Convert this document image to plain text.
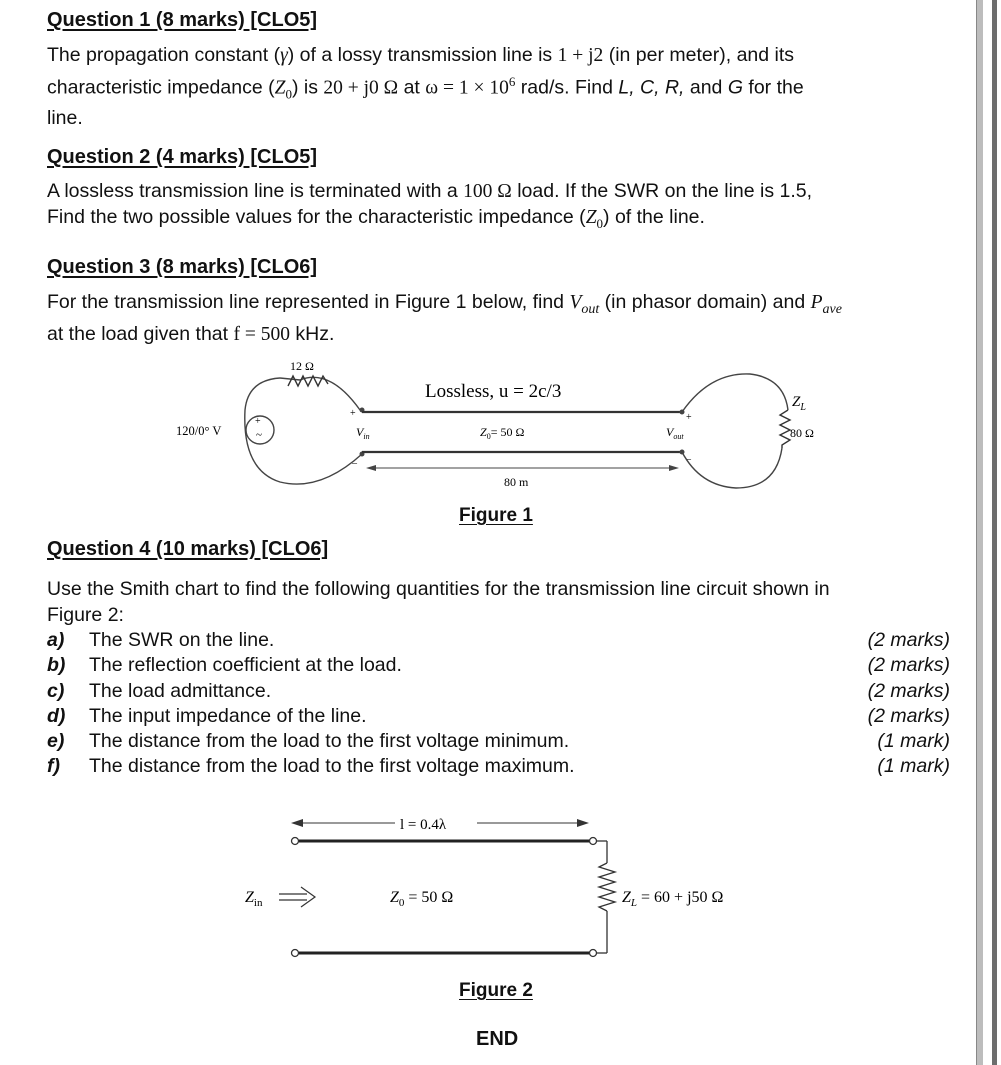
Question 1 (8 marks) [CLO5]
The propagation constant (γ) of a lossy transmission line is 1 + j2 (in per meter), and its
characteristic impedance $(Z_0)$ is 20 + j0 Ω at $\omega = 1 \times 10^6$ rad/s. Find L, C, R, and G for the
line.
Question 2 (4 marks) [CLO5]
A lossless transmission line is terminated with a 100 Ω load. If the SWR on the line is 1.5,
Find the two possible values for the characteristic impedance $(Z_0)$ of the line.
Question 3 (8 marks) [CLO6]
For the transmission line represented in Figure 1 below, find $V_{out}$ (in phasor domain) and $P_{ave}$
at the load given that f = 500 kHz.
12 Ω
+
~
120/0° V
+
–
$V_{in}$
Lossless, u = 2c/3
$Z_0= 50$ Ω
80 m
+
–
$V_{out}$
$Z_L$
80 Ω
Figure 1
Question 4 (10 marks) [CLO6]
Use the Smith chart to find the following quantities for the transmission line circuit shown in
Figure 2:
a)	The SWR on the line.	(2 marks)
b)	The reflection coefficient at the load.	(2 marks)
c)	The load admittance.	(2 marks)
d)	The input impedance of the line.	(2 marks)
e)	The distance from the load to the first voltage minimum.	(1 mark)
f)	The distance from the load to the first voltage maximum.	(1 mark)
l = 0.4λ
$Z_L = 60 + j50$ Ω
$Z_0 = 50$ Ω
$Z_{in}$
Figure 2
END
